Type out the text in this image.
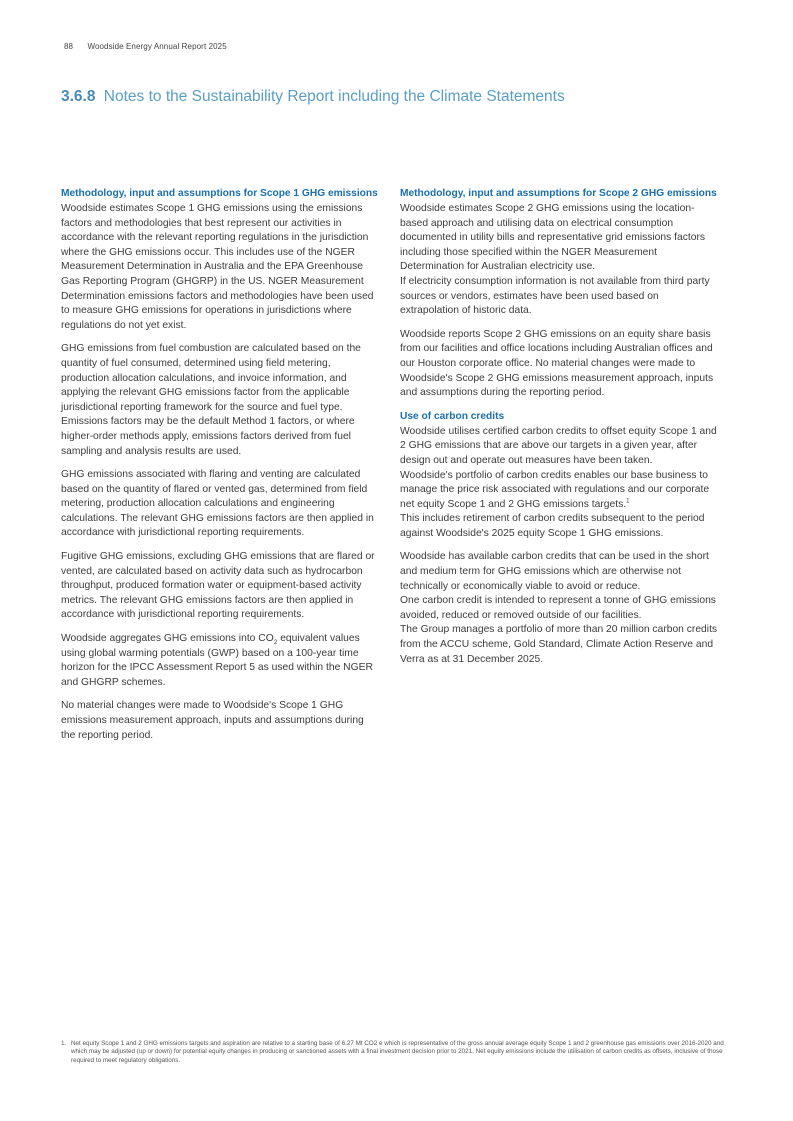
88 Woodside Energy Annual Report 2025
3.6.8 Notes to the Sustainability Report including the Climate Statements
Methodology, input and assumptions for Scope 1 GHG emissions

Woodside estimates Scope 1 GHG emissions using the emissions factors and methodologies that best represent our activities in accordance with the relevant reporting regulations in the jurisdiction where the GHG emissions occur. This includes use of the NGER Measurement Determination in Australia and the EPA Greenhouse Gas Reporting Program (GHGRP) in the US. NGER Measurement Determination emissions factors and methodologies have been used to measure GHG emissions for operations in jurisdictions where regulations do not yet exist.

GHG emissions from fuel combustion are calculated based on the quantity of fuel consumed, determined using field metering, production allocation calculations, and invoice information, and applying the relevant GHG emissions factor from the applicable jurisdictional reporting framework for the source and fuel type. Emissions factors may be the default Method 1 factors, or where higher-order methods apply, emissions factors derived from fuel sampling and analysis results are used.

GHG emissions associated with flaring and venting are calculated based on the quantity of flared or vented gas, determined from field metering, production allocation calculations and engineering calculations. The relevant GHG emissions factors are then applied in accordance with jurisdictional reporting requirements.

Fugitive GHG emissions, excluding GHG emissions that are flared or vented, are calculated based on activity data such as hydrocarbon throughput, produced formation water or equipment-based activity metrics. The relevant GHG emissions factors are then applied in accordance with jurisdictional reporting requirements.

Woodside aggregates GHG emissions into $CO_2$ equivalent values using global warming potentials (GWP) based on a 100-year time horizon for the IPCC Assessment Report 5 as used within the NGER and GHGRP schemes.

No material changes were made to Woodside's Scope 1 GHG emissions measurement approach, inputs and assumptions during the reporting period.

Methodology, input and assumptions for Scope 2 GHG emissions

Woodside estimates Scope 2 GHG emissions using the location-based approach and utilising data on electrical consumption documented in utility bills and representative grid emissions factors including those specified within the NGER Measurement Determination for Australian electricity use.

If electricity consumption information is not available from third party sources or vendors, estimates have been used based on extrapolation of historic data.

Woodside reports Scope 2 GHG emissions on an equity share basis from our facilities and office locations including Australian offices and our Houston corporate office. No material changes were made to Woodside's Scope 2 GHG emissions measurement approach, inputs and assumptions during the reporting period.

Use of carbon credits

Woodside utilises certified carbon credits to offset equity Scope 1 and 2 GHG emissions that are above our targets in a given year, after design out and operate out measures have been taken.

Woodside's portfolio of carbon credits enables our base business to manage the price risk associated with regulations and our corporate net equity Scope 1 and 2 GHG emissions targets.$^1$

This includes retirement of carbon credits subsequent to the period against Woodside's 2025 equity Scope 1 GHG emissions.

Woodside has available carbon credits that can be used in the short and medium term for GHG emissions which are otherwise not technically or economically viable to avoid or reduce.

One carbon credit is intended to represent a tonne of GHG emissions avoided, reduced or removed outside of our facilities.

The Group manages a portfolio of more than 20 million carbon credits from the ACCU scheme, Gold Standard, Climate Action Reserve and Verra as at 31 December 2025.

1. Net equity Scope 1 and 2 GHG emissions targets and aspiration are relative to a starting base of 6.27 Mt CO2 e which is representative of the gross annual average equity Scope 1 and 2 greenhouse gas emissions over 2016-2020 and which may be adjusted (up or down) for potential equity changes in producing or sanctioned assets with a final investment decision prior to 2021. Net equity emissions include the utilisation of carbon credits as offsets, inclusive of those required to meet regulatory obligations.
